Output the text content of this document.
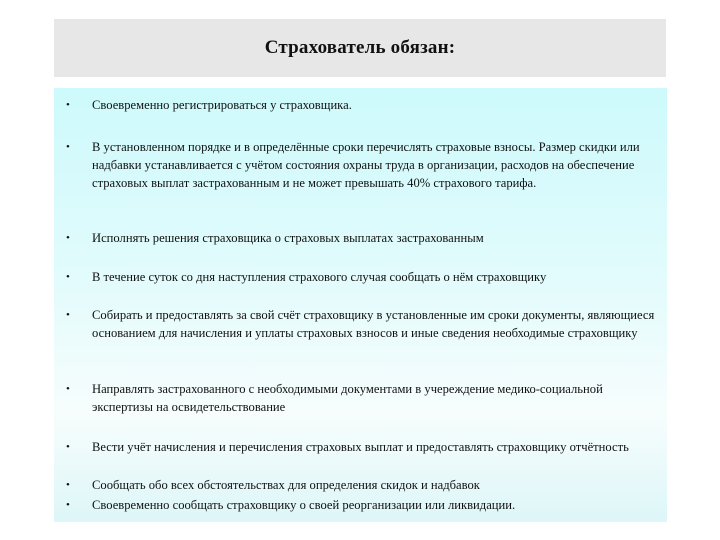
Страхователь обязан:
• Своевременно регистрироваться у страховщика.
• В установленном порядке и в определённые сроки перечислять страховые взносы. Размер скидки или надбавки устанавливается с учётом состояния охраны труда в организации, расходов на обеспечение страховых выплат застрахованным и не может превышать 40% страхового тарифа.
• Исполнять решения страховщика о страховых выплатах застрахованным
• В течение суток со дня наступления страхового случая сообщать о нём страховщику
• Собирать и предоставлять за свой счёт страховщику в установленные им сроки документы, являющиеся основанием для начисления и уплаты страховых взносов и иные сведения необходимые страховщику
• Направлять застрахованного с необходимыми документами в учереждение медико-социальной экспертизы на освидетельствование
• Вести учёт начисления и перечисления страховых выплат и предоставлять страховщику отчётность
• Сообщать обо всех обстоятельствах для определения скидок и надбавок
• Своевременно сообщать страховщику о своей реорганизации или ликвидации.
